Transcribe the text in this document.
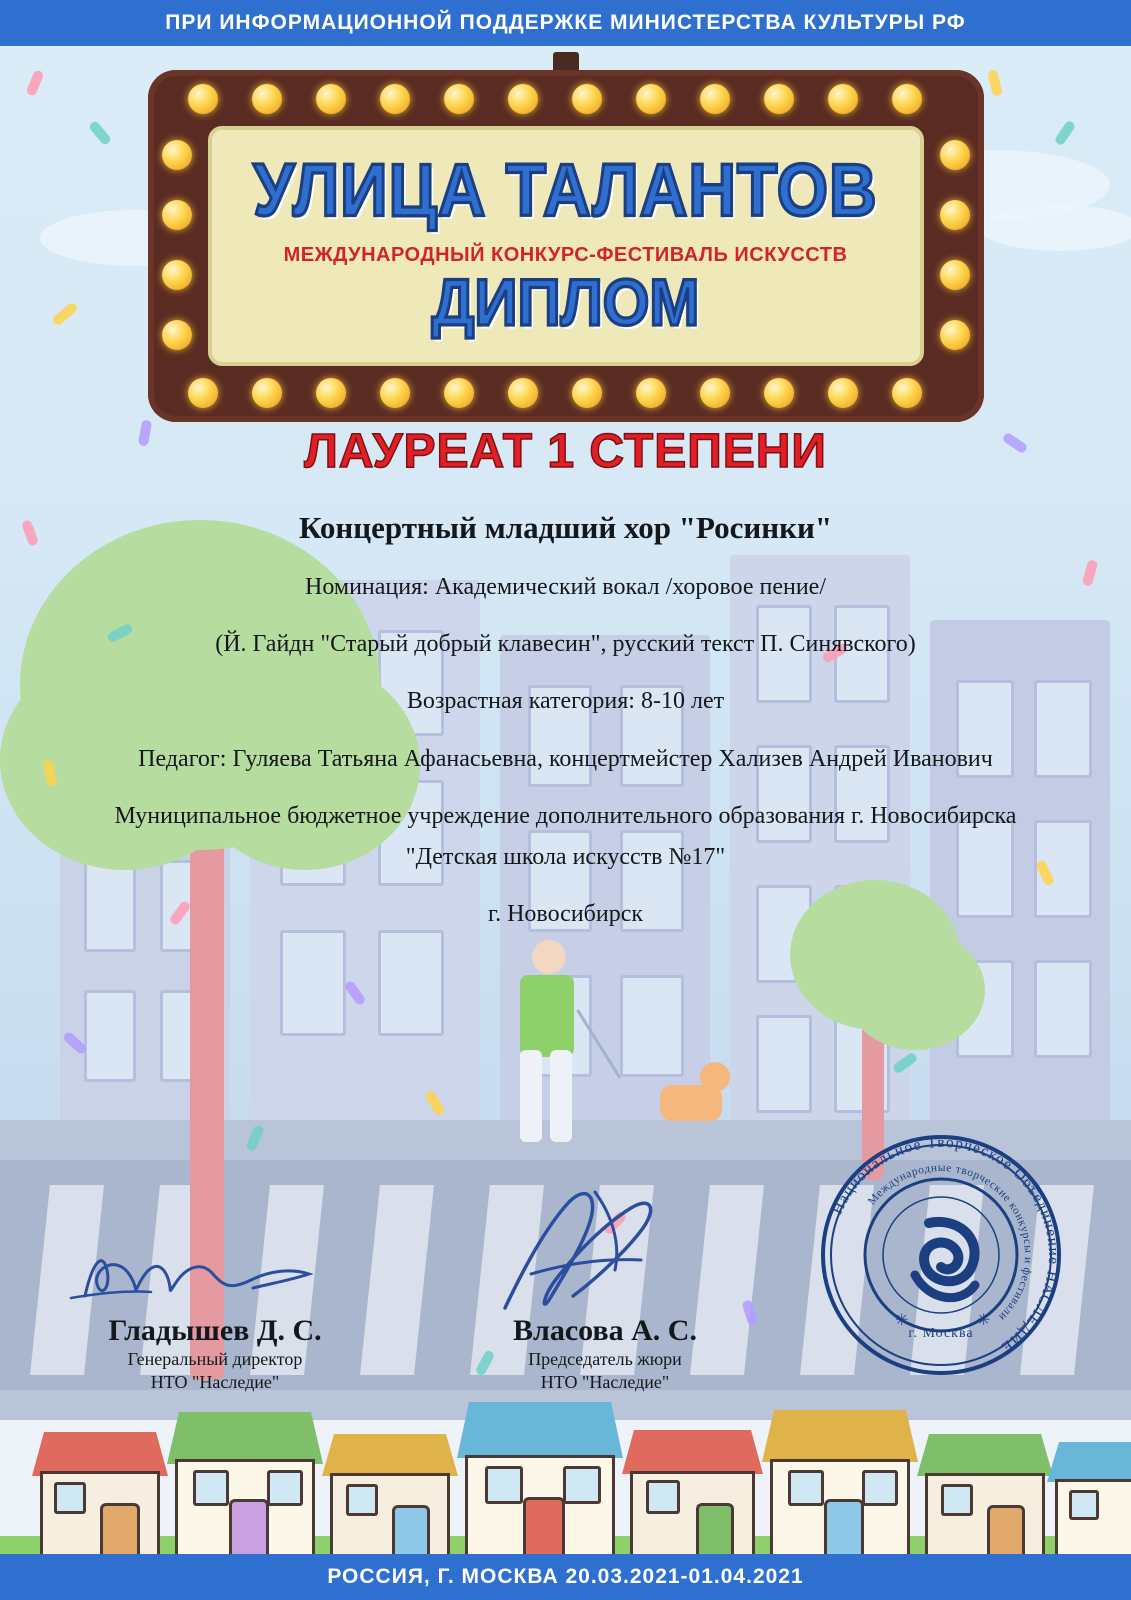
ПРИ ИНФОРМАЦИОННОЙ ПОДДЕРЖКЕ МИНИСТЕРСТВА КУЛЬТУРЫ РФ
УЛИЦА ТАЛАНТОВ
МЕЖДУНАРОДНЫЙ КОНКУРС-ФЕСТИВАЛЬ ИСКУССТВ
ДИПЛОМ
ЛАУРЕАТ 1 СТЕПЕНИ
Концертный младший хор "Росинки"
Номинация: Академический вокал /хоровое пение/
(Й. Гайдн "Старый добрый клавесин", русский текст П. Синявского)
Возрастная категория: 8-10 лет
Педагог: Гуляева Татьяна Афанасьевна, концертмейстер Хализев Андрей Иванович
Муниципальное бюджетное учреждение дополнительного образования г. Новосибирска
"Детская школа искусств №17"
г. Новосибирск
Гладышев Д. С.
Генеральный директор
НТО "Наследие"
Власова А. С.
Председатель жюри
НТО "Наследие"
Национальное Творческое Объединение НАСЛЕДИЕ
Международные творческие конкурсы и фестивали
г. Москва
✳	✳
РОССИЯ, Г. МОСКВА 20.03.2021-01.04.2021
